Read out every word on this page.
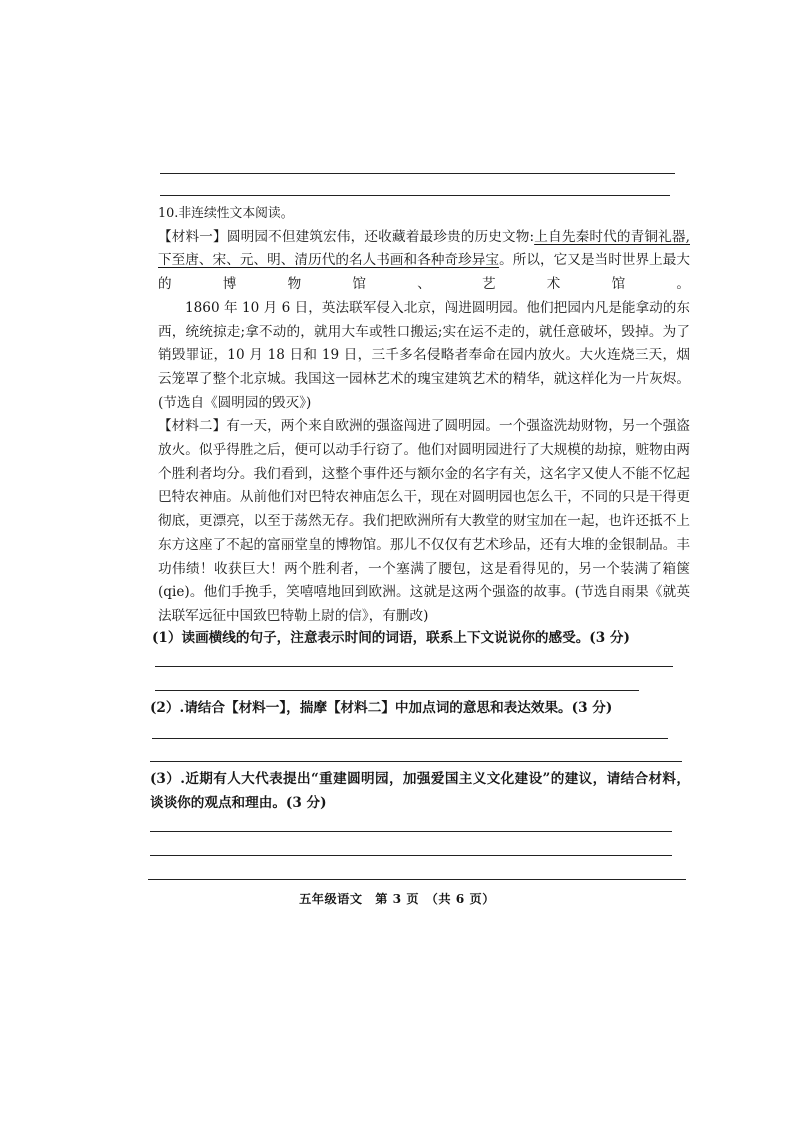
10.非连续性文本阅读。

【材料一】圆明园不但建筑宏伟，还收藏着最珍贵的历史文物:上自先秦时代的青铜礼器,下至唐、宋、元、明、清历代的名人书画和各种奇珍异宝。所以，它又是当时世界上最大的博物馆、艺术馆。

1860 年 10 月 6 日，英法联军侵入北京，闯进圆明园。他们把园内凡是能拿动的东西，统统掠走;拿不动的，就用大车或牲口搬运;实在运不走的，就任意破坏，毁掉。为了销毁罪证，10 月 18 日和 19 日，三千多名侵略者奉命在园内放火。大火连烧三天，烟云笼罩了整个北京城。我国这一园林艺术的瑰宝建筑艺术的精华，就这样化为一片灰烬。(节选自《圆明园的毁灭》)

【材料二】有一天，两个来自欧洲的强盗闯进了圆明园。一个强盗洗劫财物，另一个强盗放火。似乎得胜之后，便可以动手行窃了。他们对圆明园进行了大规模的劫掠，赃物由两个胜利者均分。我们看到，这整个事件还与额尔金的名字有关，这名字又使人不能不忆起巴特农神庙。从前他们对巴特农神庙怎么干，现在对圆明园也怎么干，不同的只是干得更彻底，更漂亮，以至于荡然无存。我们把欧洲所有大教堂的财宝加在一起，也许还抵不上东方这座了不起的富丽堂皇的博物馆。那儿不仅仅有艺术珍品，还有大堆的金银制品。丰功伟绩！收获巨大！两个胜利者，一个塞满了腰包，这是看得见的，另一个装满了箱箧(qie)。他们手挽手，笑嘻嘻地回到欧洲。这就是这两个强盗的故事。(节选自雨果《就英法联军远征中国致巴特勒上尉的信》，有删改)

(1）读画横线的句子，注意表示时间的词语，联系上下文说说你的感受。(3 分)
(2）.请结合【材料一】，揣摩【材料二】中加点词的意思和表达效果。(3 分)

(3）.近期有人大代表提出“重建圆明园，加强爱国主义文化建设”的建议，请结合材料，

谈谈你的观点和理由。(3 分)

五年级语文　第 3 页　（共 6 页）
